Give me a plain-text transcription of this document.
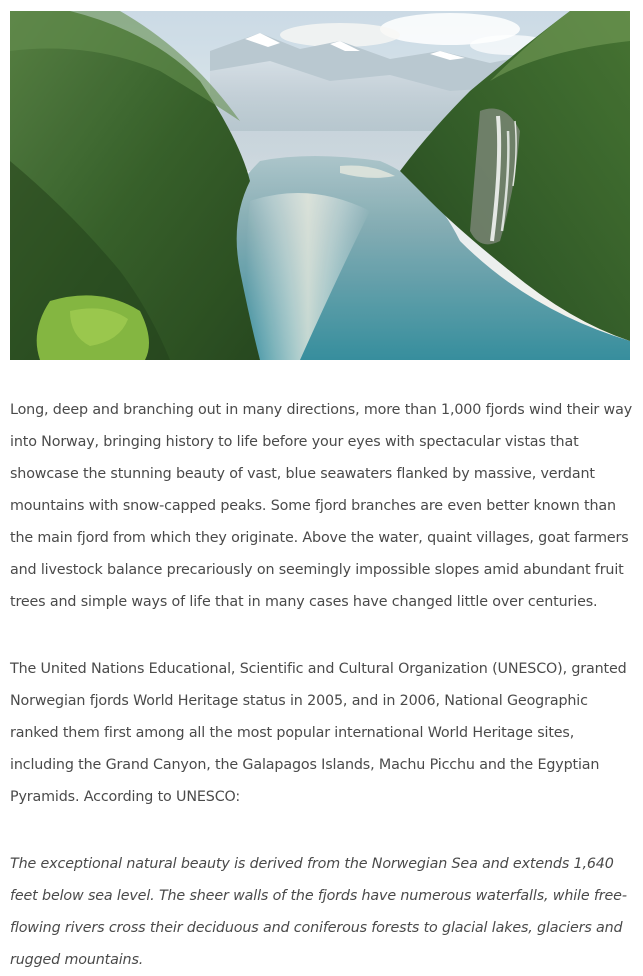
Long, deep and branching out in many directions, more than 1,000 fjords wind their way into Norway, bringing history to life before your eyes with spectacular vistas that showcase the stunning beauty of vast, blue seawaters flanked by massive, verdant mountains with snow-capped peaks. Some fjord branches are even better known than the main fjord from which they originate. Above the water, quaint villages, goat farmers and livestock balance precariously on seemingly impossible slopes amid abundant fruit trees and simple ways of life that in many cases have changed little over centuries.

The United Nations Educational, Scientific and Cultural Organization (UNESCO), granted Norwegian fjords World Heritage status in 2005, and in 2006, National Geographic ranked them first among all the most popular international World Heritage sites, including the Grand Canyon, the Galapagos Islands, Machu Picchu and the Egyptian Pyramids. According to UNESCO:

The exceptional natural beauty is derived from the Norwegian Sea and extends 1,640 feet below sea level. The sheer walls of the fjords have numerous waterfalls, while free-flowing rivers cross their deciduous and coniferous forests to glacial lakes, glaciers and rugged mountains.
